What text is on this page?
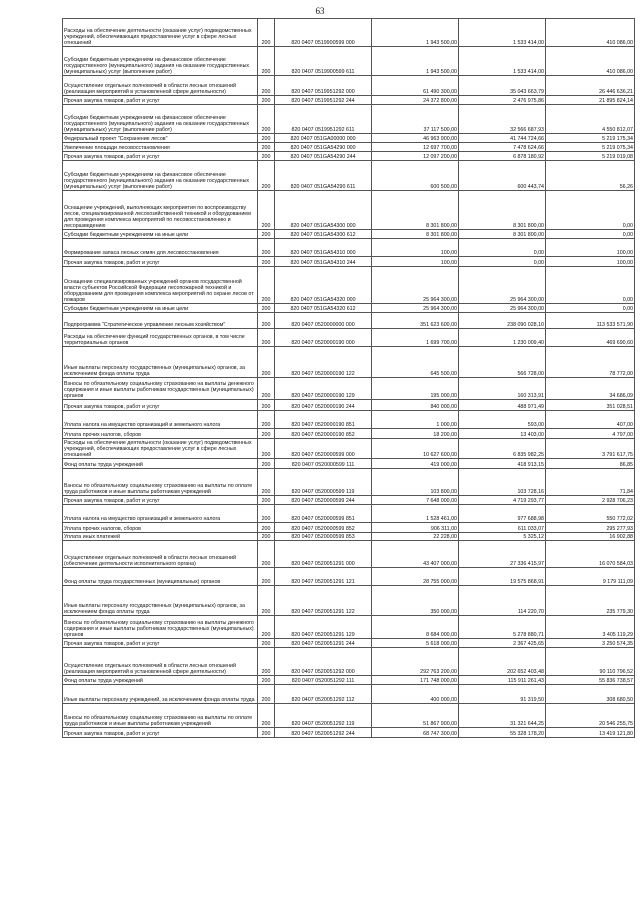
63
Расходы на обеспечение деятельности (оказание услуг) подведомственных учреждений, обеспечивающих предоставление услуг в сфере лесных отношений	200	820 0407 0519900599 000	1 943 500,00	1 533 414,00	410 086,00
Субсидии бюджетным учреждениям на финансовое обеспечение государственного (муниципального) задания на оказание государственных (муниципальных) услуг (выполнение работ)	200	820 0407 0519900599 611	1 943 500,00	1 533 414,00	410 086,00
Осуществление отдельных полномочий в области лесных отношений (реализация мероприятий в установленной сфере деятельности)	200	820 0407 0519951292 000	61 490 300,00	35 043 663,79	26 446 636,21
Прочая закупка товаров, работ и услуг	200	820 0407 0519951292 244	24 372 800,00	2 476 975,86	21 895 824,14
Субсидии бюджетным учреждениям на финансовое обеспечение государственного (муниципального) задания на оказание государственных (муниципальных) услуг (выполнение работ)	200	820 0407 0519951292 611	37 117 500,00	32 566 687,93	4 550 812,07
Федеральный проект "Сохранение лесов"	200	820 0407 051GA00000 000	46 963 900,00	41 744 724,66	5 219 175,34
Увеличение площади лесовосстановления	200	820 0407 051GA54290 000	12 697 700,00	7 478 624,66	5 219 075,34
Прочая закупка товаров, работ и услуг	200	820 0407 051GA54290 244	12 097 200,00	6 878 180,92	5 219 019,08
Субсидии бюджетным учреждениям на финансовое обеспечение государственного (муниципального) задания на оказание государственных (муниципальных) услуг (выполнение работ)	200	820 0407 051GA54290 611	600 500,00	600 443,74	56,26
Оснащение учреждений, выполняющих мероприятия по воспроизводству лесов, специализированной лесохозяйственной техникой и оборудованием для проведения комплекса мероприятий по лесовосстановлению и лесоразведению	200	820 0407 051GA54300 000	8 301 800,00	8 301 800,00	0,00
Субсидии бюджетным учреждениям на иные цели	200	820 0407 051GA54300 612	8 301 800,00	8 301 800,00	0,00
Формирование запаса лесных семян для лесовосстановления	200	820 0407 051GA54310 000	100,00	0,00	100,00
Прочая закупка товаров, работ и услуг	200	820 0407 051GA54310 244	100,00	0,00	100,00
Оснащение специализированных учреждений органов государственной власти субъектов Российской Федерации лесопожарной техникой и оборудованием для проведения комплекса мероприятий по охране лесов от пожаров	200	820 0407 051GA54320 000	25 964 300,00	25 964 300,00	0,00
Субсидии бюджетным учреждениям на иные цели	200	820 0407 051GA54320 612	25 964 300,00	25 964 300,00	0,00
Подпрограмма "Стратегическое управление лесным хозяйством"	200	820 0407 0520000000 000	351 623 600,00	238 090 028,10	113 533 571,90
Расходы на обеспечение функций государственных органов, в том числе территориальных органов	200	820 0407 0520000190 000	1 699 700,00	1 230 009,40	469 690,60
Иные выплаты персоналу государственных (муниципальных) органов, за исключением фонда оплаты труда	200	820 0407 0520000190 122	645 500,00	566 728,00	78 772,00
Взносы по обязательному социальному страхованию на выплаты денежного содержания и иные выплаты работникам государственных (муниципальных) органов	200	820 0407 0520000190 129	195 000,00	160 313,91	34 686,09
Прочая закупка товаров, работ и услуг	200	820 0407 0520000190 244	840 000,00	488 971,49	351 028,51
Уплата налога на имущество организаций и земельного налога	200	820 0407 0520000190 851	1 000,00	593,00	407,00
Уплата прочих налогов, сборов	200	820 0407 0520000190 852	18 200,00	13 403,00	4 797,00
Расходы на обеспечение деятельности (оказание услуг) подведомственных учреждений, обеспечивающих предоставление услуг в сфере лесных отношений	200	820 0407 0520000599 000	10 627 600,00	6 835 982,25	3 791 617,75
Фонд оплаты труда учреждений	200	820 0407 0520000599 111	419 000,00	418 913,15	86,85
Взносы по обязательному социальному страхованию на выплаты по оплате труда работников и иные выплаты работникам учреждений	200	820 0407 0520000599 119	103 800,00	103 728,16	71,84
Прочая закупка товаров, работ и услуг	200	820 0407 0520000599 244	7 648 000,00	4 719 293,77	2 928 706,23
Уплата налога на имущество организаций и земельного налога	200	820 0407 0520000599 851	1 528 461,00	977 688,98	550 772,02
Уплата прочих налогов, сборов	200	820 0407 0520000599 852	906 311,00	611 033,07	295 277,93
Уплата иных платежей	200	820 0407 0520000599 853	22 228,00	5 325,12	16 902,88
Осуществление отдельных полномочий в области лесных отношений (обеспечение деятельности исполнительного органа)	200	820 0407 0520051291 000	43 407 000,00	27 336 415,97	16 070 584,03
Фонд оплаты труда государственных (муниципальных) органов	200	820 0407 0520051291 121	28 755 000,00	19 575 868,91	9 179 111,09
Иные выплаты персоналу государственных (муниципальных) органов, за исключением фонда оплаты труда	200	820 0407 0520051291 122	350 000,00	114 220,70	235 779,30
Взносы по обязательному социальному страхованию на выплаты денежного содержания и иные выплаты работникам государственных (муниципальных) органов	200	820 0407 0520051291 129	8 684 000,00	5 278 880,71	3 405 119,29
Прочая закупка товаров, работ и услуг	200	820 0407 0520051291 244	5 618 000,00	2 367 425,65	3 250 574,35
Осуществление отдельных полномочий в области лесных отношений (реализация мероприятий в установленной сфере деятельности)	200	820 0407 0520051292 000	292 763 200,00	202 652 403,48	90 110 796,52
Фонд оплаты труда учреждений	200	820 0407 0520051292 111	171 748 000,00	115 911 261,43	55 836 738,57
Иные выплаты персоналу учреждений, за исключением фонда оплаты труда	200	820 0407 0520051292 112	400 000,00	91 319,50	308 680,50
Взносы по обязательному социальному страхованию на выплаты по оплате труда работников и иные выплаты работникам учреждений	200	820 0407 0520051292 119	51 867 900,00	31 321 644,25	20 546 255,75
Прочая закупка товаров, работ и услуг	200	820 0407 0520051292 244	68 747 300,00	55 328 178,20	13 419 121,80
